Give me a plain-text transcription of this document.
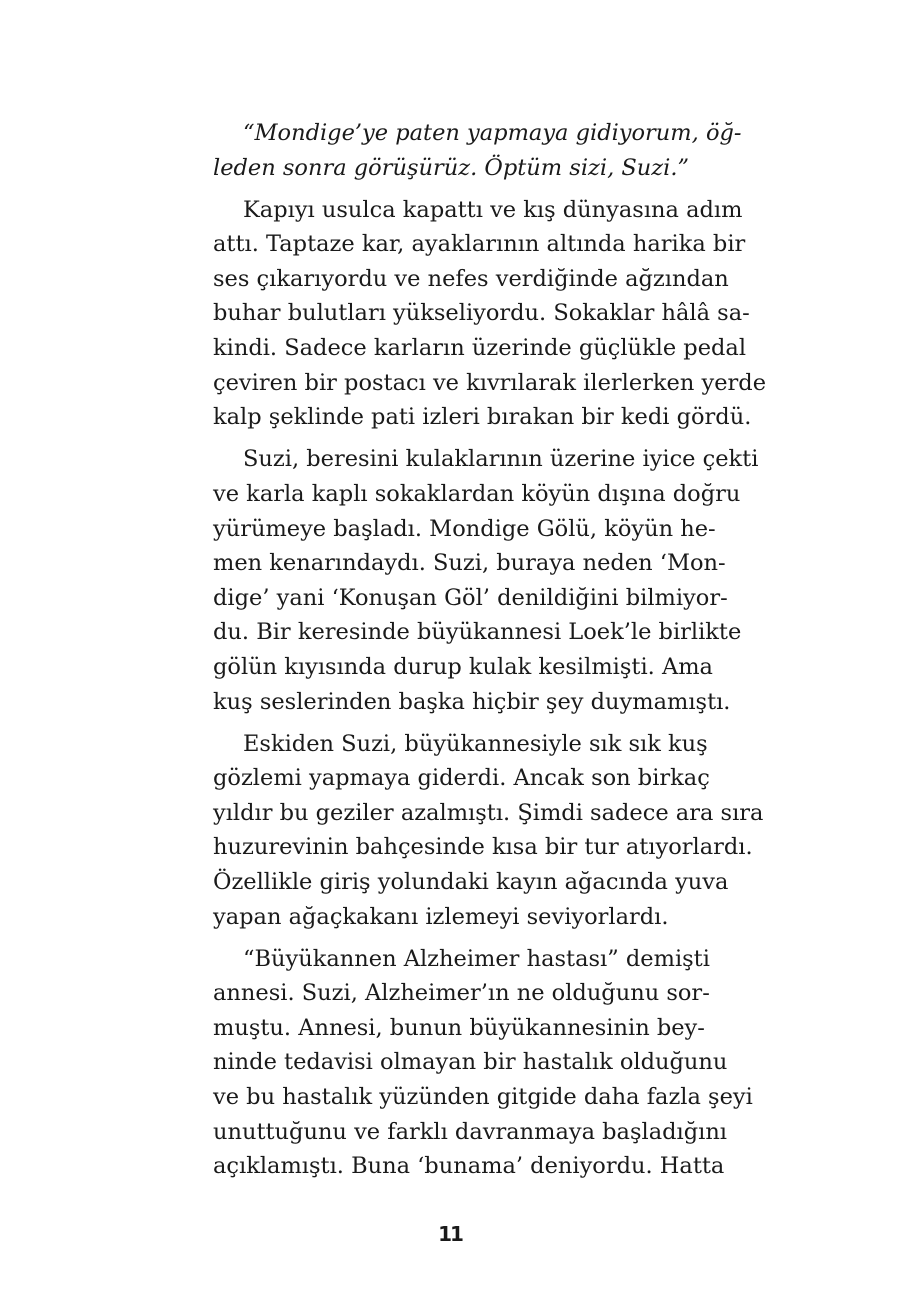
“Mondige’ye paten yapmaya gidiyorum, öğ-
leden sonra görüşürüz. Öptüm sizi, Suzi.”
Kapıyı usulca kapattı ve kış dünyasına adım
attı. Taptaze kar, ayaklarının altında harika bir
ses çıkarıyordu ve nefes verdiğinde ağzından
buhar bulutları yükseliyordu. Sokaklar hâlâ sa-
kindi. Sadece karların üzerinde güçlükle pedal
çeviren bir postacı ve kıvrılarak ilerlerken yerde
kalp şeklinde pati izleri bırakan bir kedi gördü.
Suzi, beresini kulaklarının üzerine iyice çekti
ve karla kaplı sokaklardan köyün dışına doğru
yürümeye başladı. Mondige Gölü, köyün he-
men kenarındaydı. Suzi, buraya neden ‘Mon-
dige’ yani ‘Konuşan Göl’ denildiğini bilmiyor-
du. Bir keresinde büyükannesi Loek’le birlikte
gölün kıyısında durup kulak kesilmişti. Ama
kuş seslerinden başka hiçbir şey duymamıştı.
Eskiden Suzi, büyükannesiyle sık sık kuş
gözlemi yapmaya giderdi. Ancak son birkaç
yıldır bu geziler azalmıştı. Şimdi sadece ara sıra
huzurevinin bahçesinde kısa bir tur atıyorlardı.
Özellikle giriş yolundaki kayın ağacında yuva
yapan ağaçkakanı izlemeyi seviyorlardı.
“Büyükannen Alzheimer hastası” demişti
annesi. Suzi, Alzheimer’ın ne olduğunu sor-
muştu. Annesi, bunun büyükannesinin bey-
ninde tedavisi olmayan bir hastalık olduğunu
ve bu hastalık yüzünden gitgide daha fazla şeyi
unuttuğunu ve farklı davranmaya başladığını
açıklamıştı. Buna ‘bunama’ deniyordu. Hatta
11
